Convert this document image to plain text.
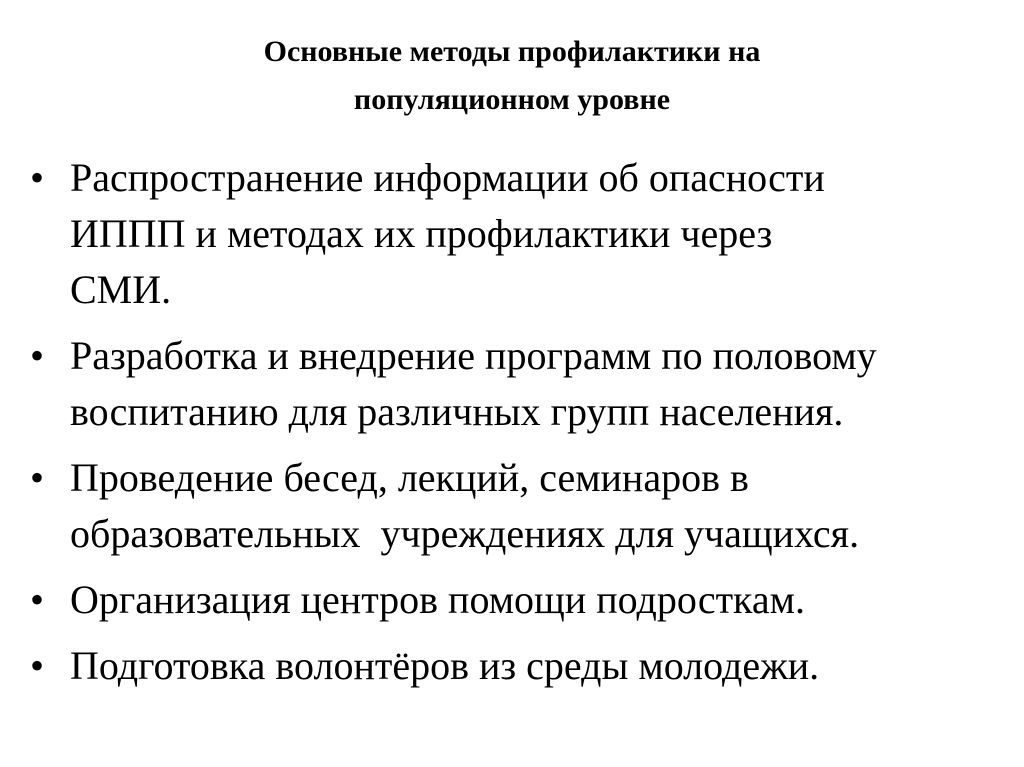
Основные методы профилактики на
популяционном уровне
• Распространение информации об опасности
ИППП и методах их профилактики через
СМИ.
• Разработка и внедрение программ по половому
воспитанию для различных групп населения.
• Проведение бесед, лекций, семинаров в
образовательных  учреждениях для учащихся.
• Организация центров помощи подросткам.
• Подготовка волонтёров из среды молодежи.
